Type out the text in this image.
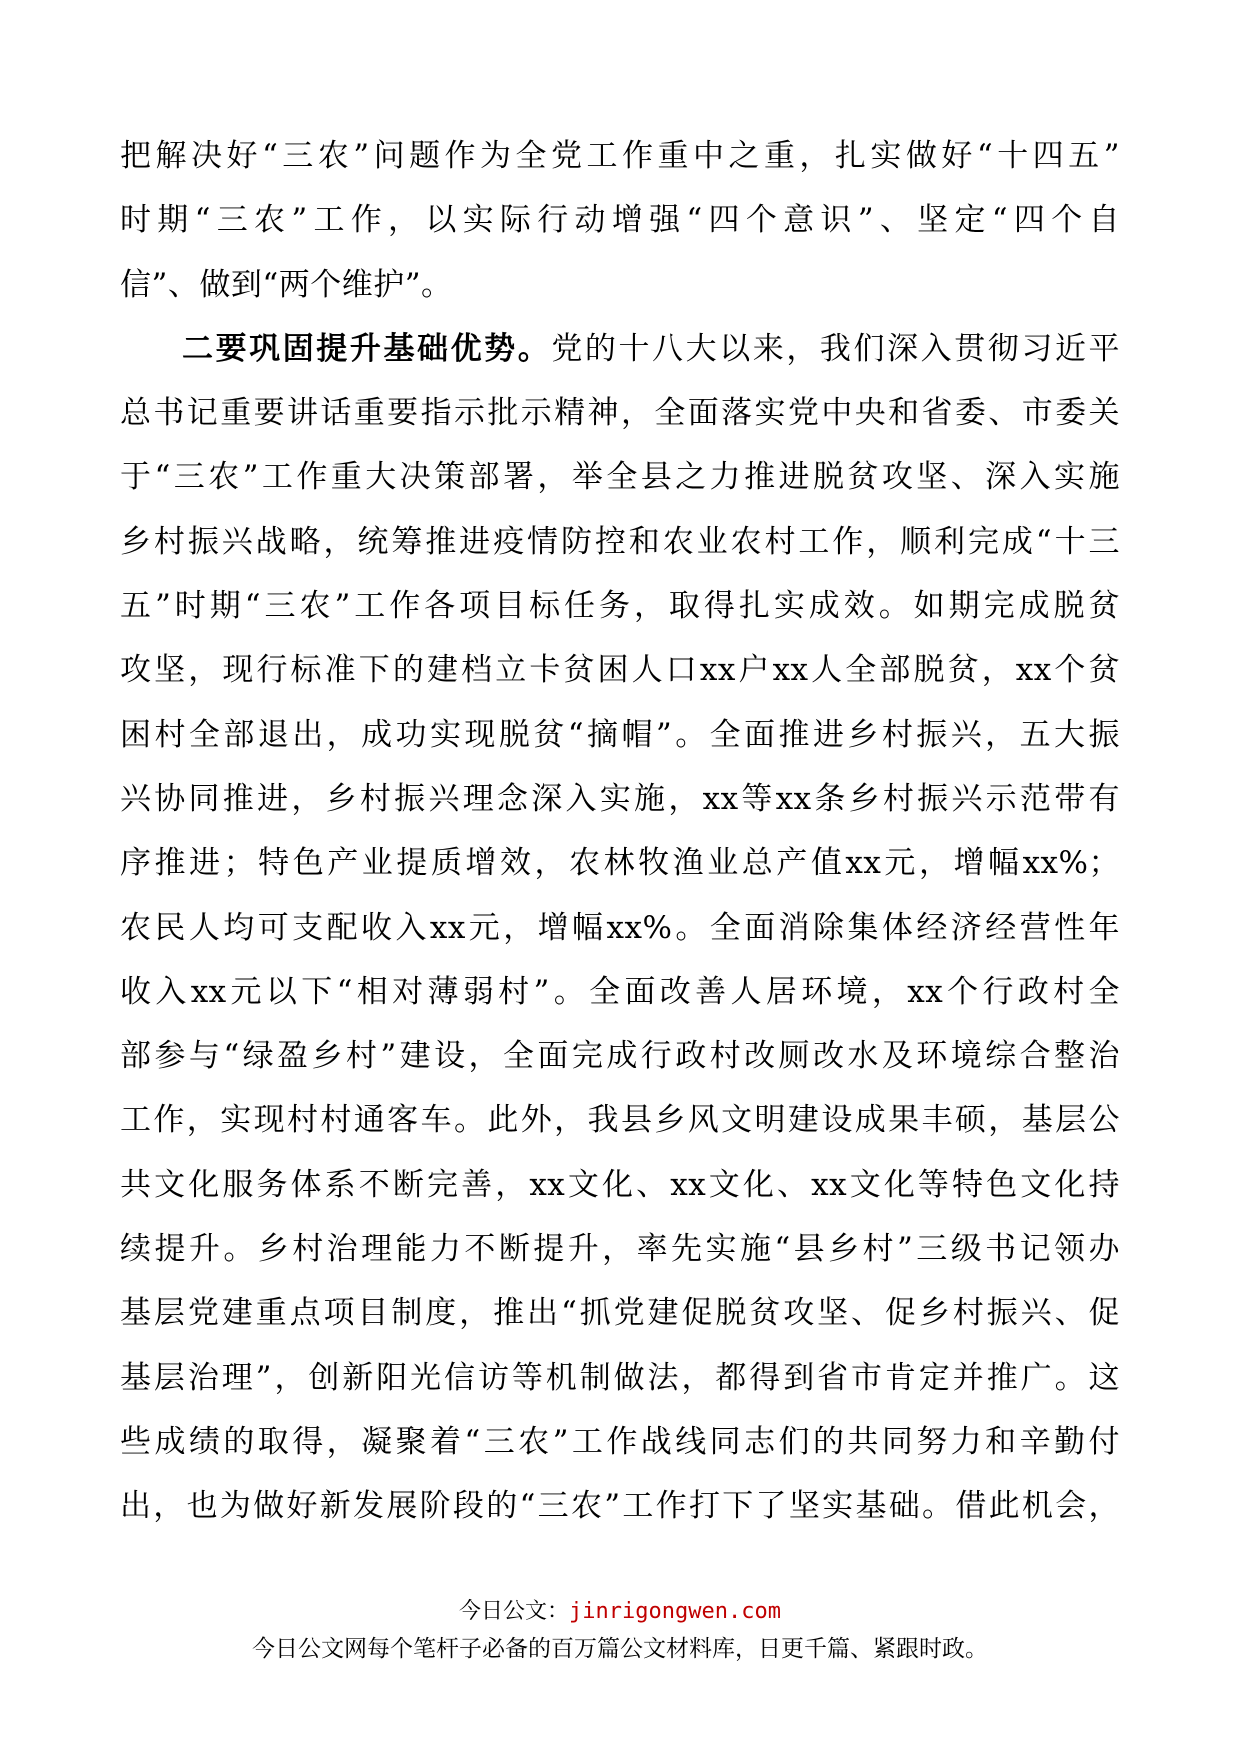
把解决好“三农”问题作为全党工作重中之重，扎实做好“十四五”
时期“三农”工作，以实际行动增强“四个意识”、坚定“四个自
信”、做到“两个维护”。
二要巩固提升基础优势。党的十八大以来，我们深入贯彻习近平
总书记重要讲话重要指示批示精神，全面落实党中央和省委、市委关
于“三农”工作重大决策部署，举全县之力推进脱贫攻坚、深入实施
乡村振兴战略，统筹推进疫情防控和农业农村工作，顺利完成“十三
五”时期“三农”工作各项目标任务，取得扎实成效。如期完成脱贫
攻坚，现行标准下的建档立卡贫困人口xx户xx人全部脱贫，xx个贫
困村全部退出，成功实现脱贫“摘帽”。全面推进乡村振兴，五大振
兴协同推进，乡村振兴理念深入实施，xx等xx条乡村振兴示范带有
序推进；特色产业提质增效，农林牧渔业总产值xx元，增幅xx%；
农民人均可支配收入xx元，增幅xx%。全面消除集体经济经营性年
收入xx元以下“相对薄弱村”。全面改善人居环境，xx个行政村全
部参与“绿盈乡村”建设，全面完成行政村改厕改水及环境综合整治
工作，实现村村通客车。此外，我县乡风文明建设成果丰硕，基层公
共文化服务体系不断完善，xx文化、xx文化、xx文化等特色文化持
续提升。乡村治理能力不断提升，率先实施“县乡村”三级书记领办
基层党建重点项目制度，推出“抓党建促脱贫攻坚、促乡村振兴、促
基层治理”，创新阳光信访等机制做法，都得到省市肯定并推广。这
些成绩的取得，凝聚着“三农”工作战线同志们的共同努力和辛勤付
出，也为做好新发展阶段的“三农”工作打下了坚实基础。借此机会，
今日公文：jinrigongwen.com
今日公文网每个笔杆子必备的百万篇公文材料库，日更千篇、紧跟时政。
